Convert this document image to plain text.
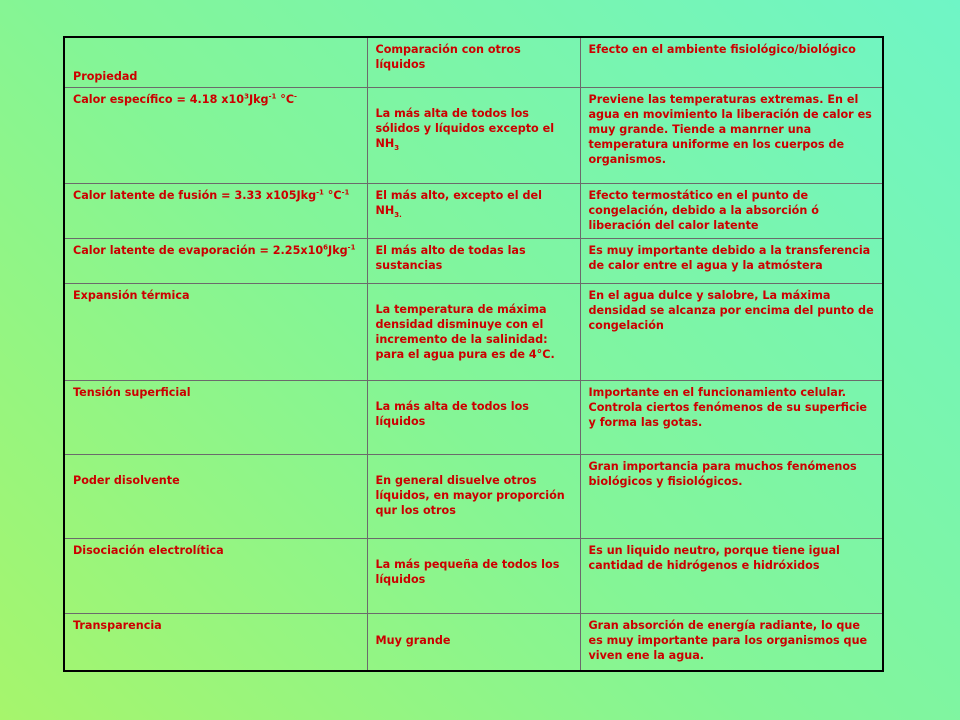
Propiedad	Comparación con otros líquidos	Efecto en el ambiente fisiológico/biológico
Calor específico = 4.18 $x10^3Jkg^{-1}$ °C-	La más alta de todos los sólidos y líquidos excepto el $NH_3$	Previene las temperaturas extremas. En el agua en movimiento la liberación de calor es muy grande. Tiende a manrner una temperatura uniforme en los cuerpos de organismos.
Calor latente de fusión = 3.33 x105Jkg$^{-1}$ $^\circ C^{-1}$	El más alto, excepto el del $NH_{3.}$	Efecto termostático en el punto de congelación, debido a la absorción ó liberación del calor latente
Calor latente de evaporación = $2.25x10^6Jkg^{-1}$	El más alto de todas las sustancias	Es muy importante debido a la transferencia de calor entre el agua y la atmóstera
Expansión térmica	La temperatura de máxima densidad disminuye con el incremento de la salinidad: para el agua pura es de 4°C.	En el agua dulce y salobre, La máxima densidad se alcanza por encima del punto de congelación
Tensión superficial	La más alta de todos los líquidos	Importante en el funcionamiento celular. Controla ciertos fenómenos de su superficie y forma las gotas.
Poder disolvente	En general disuelve otros líquidos, en mayor proporción qur los otros	Gran importancia para muchos fenómenos biológicos y fisiológicos.
Disociación electrolítica	La más pequeña de todos los líquidos	Es un liquido neutro, porque tiene igual cantidad de hidrógenos e hidróxidos
Transparencia	Muy grande	Gran absorción de energía radiante, lo que es muy importante para los organismos que viven ene la agua.
